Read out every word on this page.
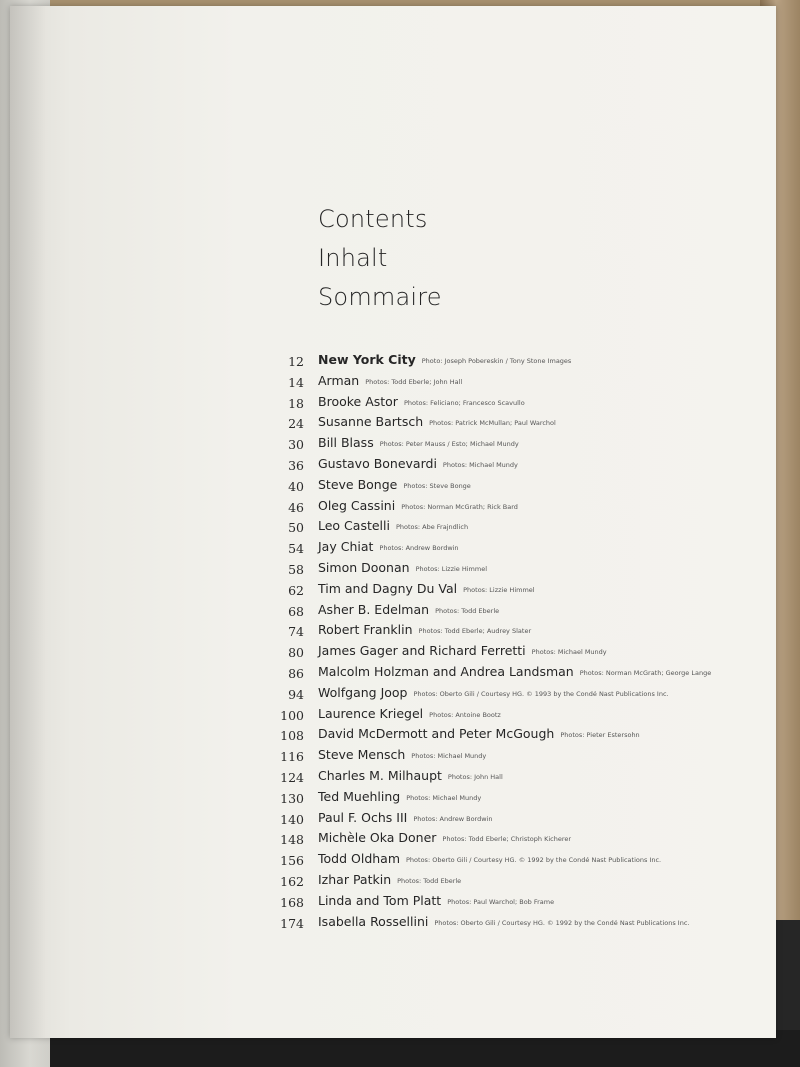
Contents
Inhalt
Sommaire
12 New York City Photo: Joseph Pobereskin / Tony Stone Images
14 Arman Photos: Todd Eberle; John Hall
18 Brooke Astor Photos: Feliciano; Francesco Scavullo
24 Susanne Bartsch Photos: Patrick McMullan; Paul Warchol
30 Bill Blass Photos: Peter Mauss / Esto; Michael Mundy
36 Gustavo Bonevardi Photos: Michael Mundy
40 Steve Bonge Photos: Steve Bonge
46 Oleg Cassini Photos: Norman McGrath; Rick Bard
50 Leo Castelli Photos: Abe Frajndlich
54 Jay Chiat Photos: Andrew Bordwin
58 Simon Doonan Photos: Lizzie Himmel
62 Tim and Dagny Du Val Photos: Lizzie Himmel
68 Asher B. Edelman Photos: Todd Eberle
74 Robert Franklin Photos: Todd Eberle; Audrey Slater
80 James Gager and Richard Ferretti Photos: Michael Mundy
86 Malcolm Holzman and Andrea Landsman Photos: Norman McGrath; George Lange
94 Wolfgang Joop Photos: Oberto Gili / Courtesy HG. © 1993 by the Condé Nast Publications Inc.
100 Laurence Kriegel Photos: Antoine Bootz
108 David McDermott and Peter McGough Photos: Pieter Estersohn
116 Steve Mensch Photos: Michael Mundy
124 Charles M. Milhaupt Photos: John Hall
130 Ted Muehling Photos: Michael Mundy
140 Paul F. Ochs III Photos: Andrew Bordwin
148 Michèle Oka Doner Photos: Todd Eberle; Christoph Kicherer
156 Todd Oldham Photos: Oberto Gili / Courtesy HG. © 1992 by the Condé Nast Publications Inc.
162 Izhar Patkin Photos: Todd Eberle
168 Linda and Tom Platt Photos: Paul Warchol; Bob Frame
174 Isabella Rossellini Photos: Oberto Gili / Courtesy HG. © 1992 by the Condé Nast Publications Inc.
